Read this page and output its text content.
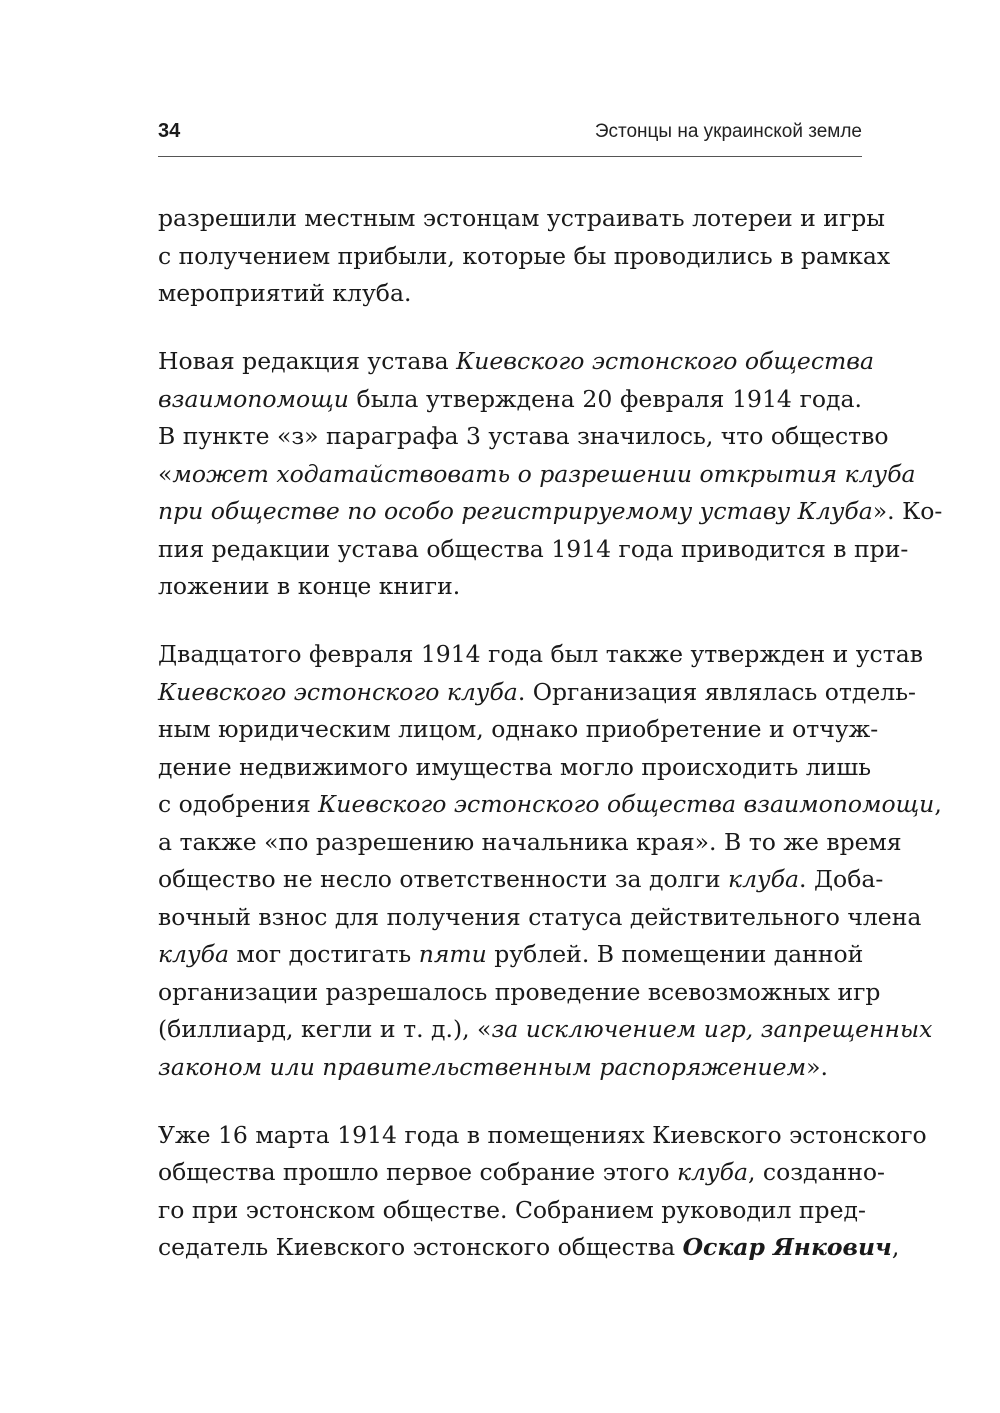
34	Эстонцы на украинской земле
разрешили местным эстонцам устраивать лотереи и игры
с получением прибыли, которые бы проводились в рамках
мероприятий клуба.
Новая редакция устава Киевского эстонского общества
взаимопомощи была утверждена 20 февраля 1914 года.
В пункте «з» параграфа 3 устава значилось, что общество
«может ходатайствовать о разрешении открытия клуба
при обществе по особо регистрируемому уставу Клуба». Ко-
пия редакции устава общества 1914 года приводится в при-
ложении в конце книги.
Двадцатого февраля 1914 года был также утвержден и устав
Киевского эстонского клуба. Организация являлась отдель-
ным юридическим лицом, однако приобретение и отчуж-
дение недвижимого имущества могло происходить лишь
с одобрения Киевского эстонского общества взаимопомощи,
а также «по разрешению начальника края». В то же время
общество не несло ответственности за долги клуба. Доба-
вочный взнос для получения статуса действительного члена
клуба мог достигать пяти рублей. В помещении данной
организации разрешалось проведение всевозможных игр
(биллиард, кегли и т. д.), «за исключением игр, запрещенных
законом или правительственным распоряжением».
Уже 16 марта 1914 года в помещениях Киевского эстонского
общества прошло первое собрание этого клуба, созданно-
го при эстонском обществе. Собранием руководил пред-
седатель Киевского эстонского общества Оскар Янкович,
